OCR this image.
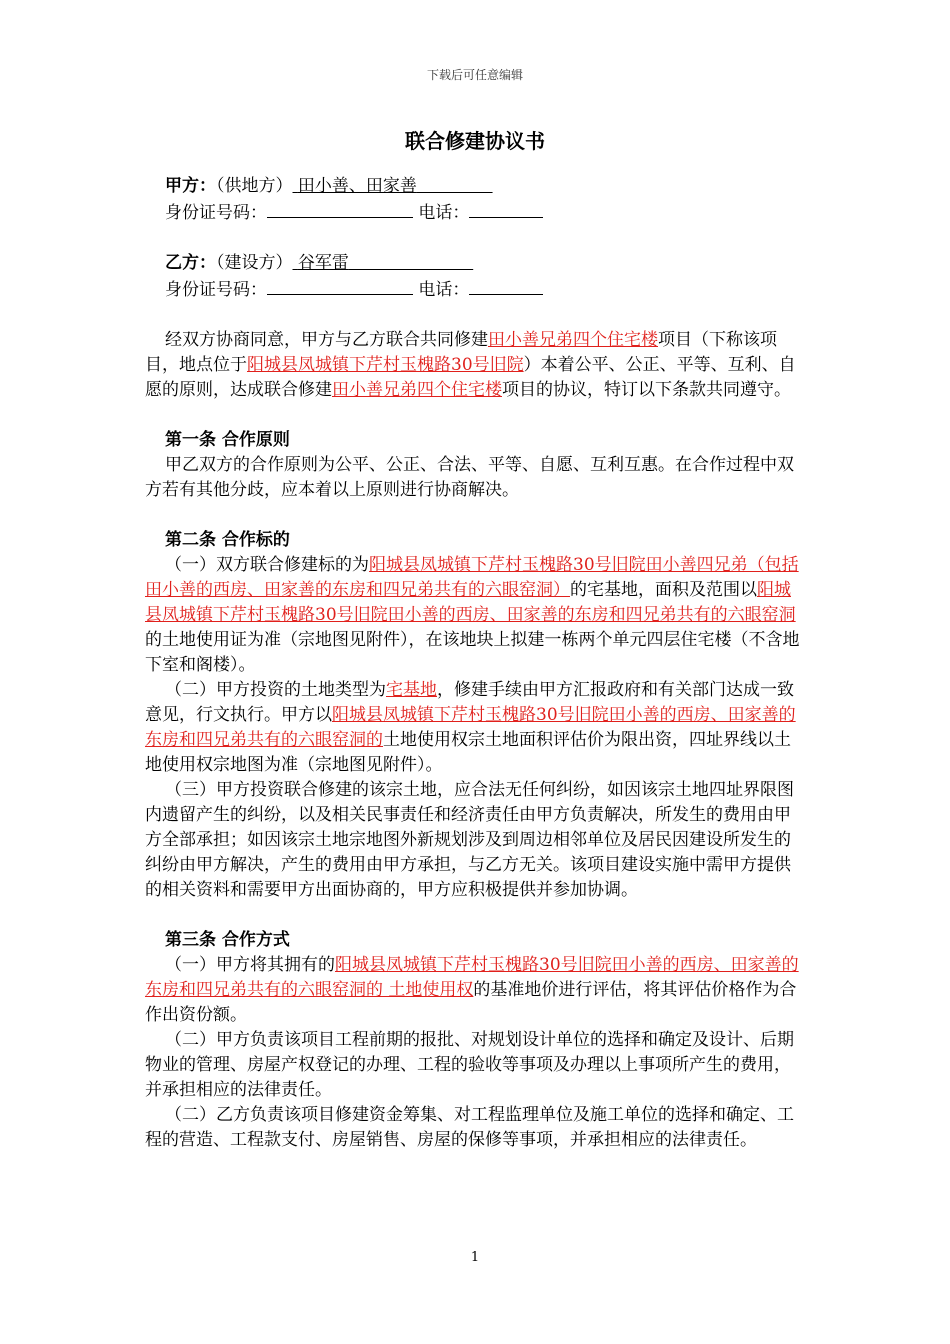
下载后可任意编辑
联合修建协议书

甲方：（供地方） 田小善、田家善

身份证号码：	电话：

乙方：（建设方） 谷军雷

身份证号码：	电话：

经双方协商同意，甲方与乙方联合共同修建田小善兄弟四个住宅楼项目（下称该项目，地点位于阳城县凤城镇下芹村玉槐路30号旧院）本着公平、公正、平等、互利、自愿的原则，达成联合修建田小善兄弟四个住宅楼项目的协议，特订以下条款共同遵守。

第一条 合作原则

甲乙双方的合作原则为公平、公正、合法、平等、自愿、互利互惠。在合作过程中双方若有其他分歧，应本着以上原则进行协商解决。

第二条 合作标的

（一）双方联合修建标的为阳城县凤城镇下芹村玉槐路30号旧院田小善四兄弟（包括田小善的西房、田家善的东房和四兄弟共有的六眼窑洞）的宅基地，面积及范围以阳城县凤城镇下芹村玉槐路30号旧院田小善的西房、田家善的东房和四兄弟共有的六眼窑洞的土地使用证为准（宗地图见附件），在该地块上拟建一栋两个单元四层住宅楼（不含地下室和阁楼）。

（二）甲方投资的土地类型为宅基地，修建手续由甲方汇报政府和有关部门达成一致意见，行文执行。甲方以阳城县凤城镇下芹村玉槐路30号旧院田小善的西房、田家善的东房和四兄弟共有的六眼窑洞的土地使用权宗土地面积评估价为限出资，四址界线以土地使用权宗地图为准（宗地图见附件）。

（三）甲方投资联合修建的该宗土地，应合法无任何纠纷，如因该宗土地四址界限图内遗留产生的纠纷，以及相关民事责任和经济责任由甲方负责解决，所发生的费用由甲方全部承担；如因该宗土地宗地图外新规划涉及到周边相邻单位及居民因建设所发生的纠纷由甲方解决，产生的费用由甲方承担，与乙方无关。该项目建设实施中需甲方提供的相关资料和需要甲方出面协商的，甲方应积极提供并参加协调。

第三条 合作方式

（一）甲方将其拥有的阳城县凤城镇下芹村玉槐路30号旧院田小善的西房、田家善的东房和四兄弟共有的六眼窑洞的 土地使用权的基准地价进行评估，将其评估价格作为合作出资份额。

（二）甲方负责该项目工程前期的报批、对规划设计单位的选择和确定及设计、后期物业的管理、房屋产权登记的办理、工程的验收等事项及办理以上事项所产生的费用，并承担相应的法律责任。

（二）乙方负责该项目修建资金筹集、对工程监理单位及施工单位的选择和确定、工程的营造、工程款支付、房屋销售、房屋的保修等事项，并承担相应的法律责任。

1
